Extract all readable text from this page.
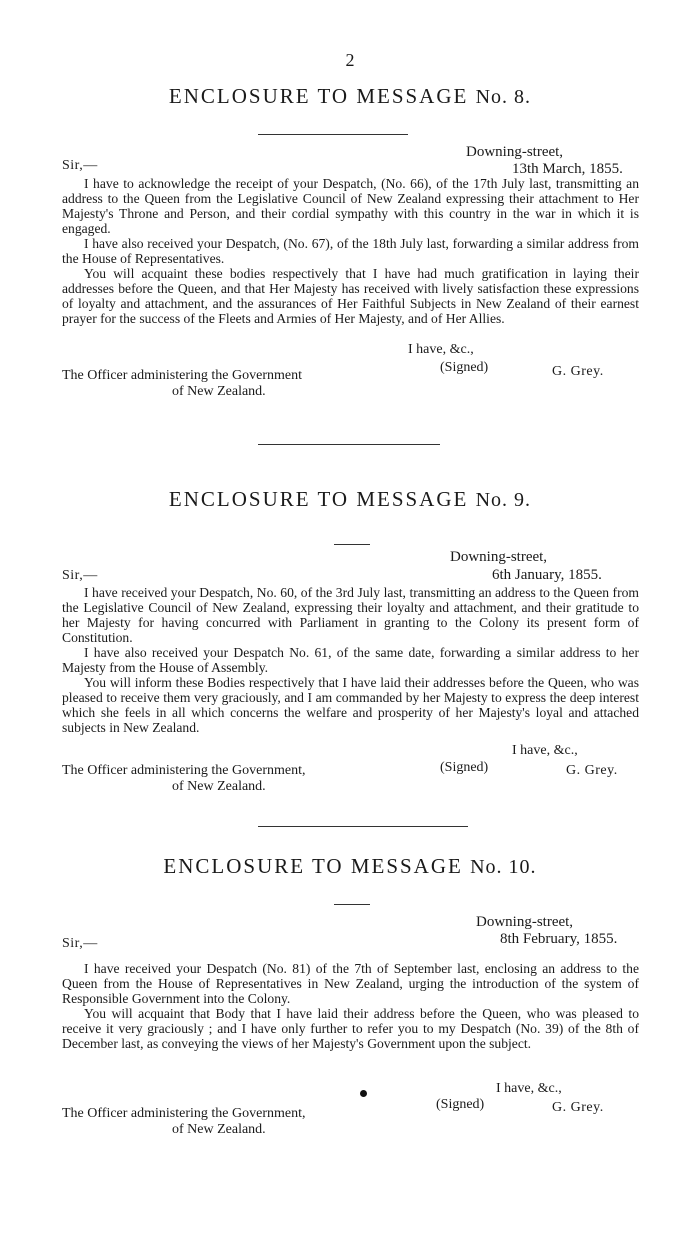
2
ENCLOSURE TO MESSAGE No. 8.
Downing-street,
13th March, 1855.
Sir,—

I have to acknowledge the receipt of your Despatch, (No. 66), of the 17th July last, transmitting an address to the Queen from the Legislative Council of New Zealand expressing their attachment to Her Majesty's Throne and Person, and their cordial sympathy with this country in the war in which it is engaged.

I have also received your Despatch, (No. 67), of the 18th July last, forwarding a similar address from the House of Representatives.

You will acquaint these bodies respectively that I have had much gratification in laying their addresses before the Queen, and that Her Majesty has received with lively satisfaction these expressions of loyalty and attachment, and the assurances of Her Faithful Subjects in New Zealand of their earnest prayer for the success of the Fleets and Armies of Her Majesty, and of Her Allies.

I have, &c.,
(Signed)	G. Grey.
The Officer administering the Government
of New Zealand.
ENCLOSURE TO MESSAGE No. 9.
Downing-street,
6th January, 1855.
Sir,—

I have received your Despatch, No. 60, of the 3rd July last, transmitting an address to the Queen from the Legislative Council of New Zealand, expressing their loyalty and attachment, and their gratitude to her Majesty for having concurred with Parliament in granting to the Colony its present form of Constitution.

I have also received your Despatch No. 61, of the same date, forwarding a similar address to her Majesty from the House of Assembly.

You will inform these Bodies respectively that I have laid their addresses before the Queen, who was pleased to receive them very graciously, and I am commanded by her Majesty to express the deep interest which she feels in all which concerns the welfare and prosperity of her Majesty's loyal and attached subjects in New Zealand.

I have, &c.,
(Signed)	G. Grey.
The Officer administering the Government,
of New Zealand.
ENCLOSURE TO MESSAGE No. 10.
Downing-street,
8th February, 1855.
Sir,—

I have received your Despatch (No. 81) of the 7th of September last, enclosing an address to the Queen from the House of Representatives in New Zealand, urging the introduction of the system of Responsible Government into the Colony.

You will acquaint that Body that I have laid their address before the Queen, who was pleased to receive it very graciously ; and I have only further to refer you to my Despatch (No. 39) of the 8th of December last, as conveying the views of her Majesty's Government upon the subject.

I have, &c.,
(Signed)	G. Grey.
The Officer administering the Government,
of New Zealand.
